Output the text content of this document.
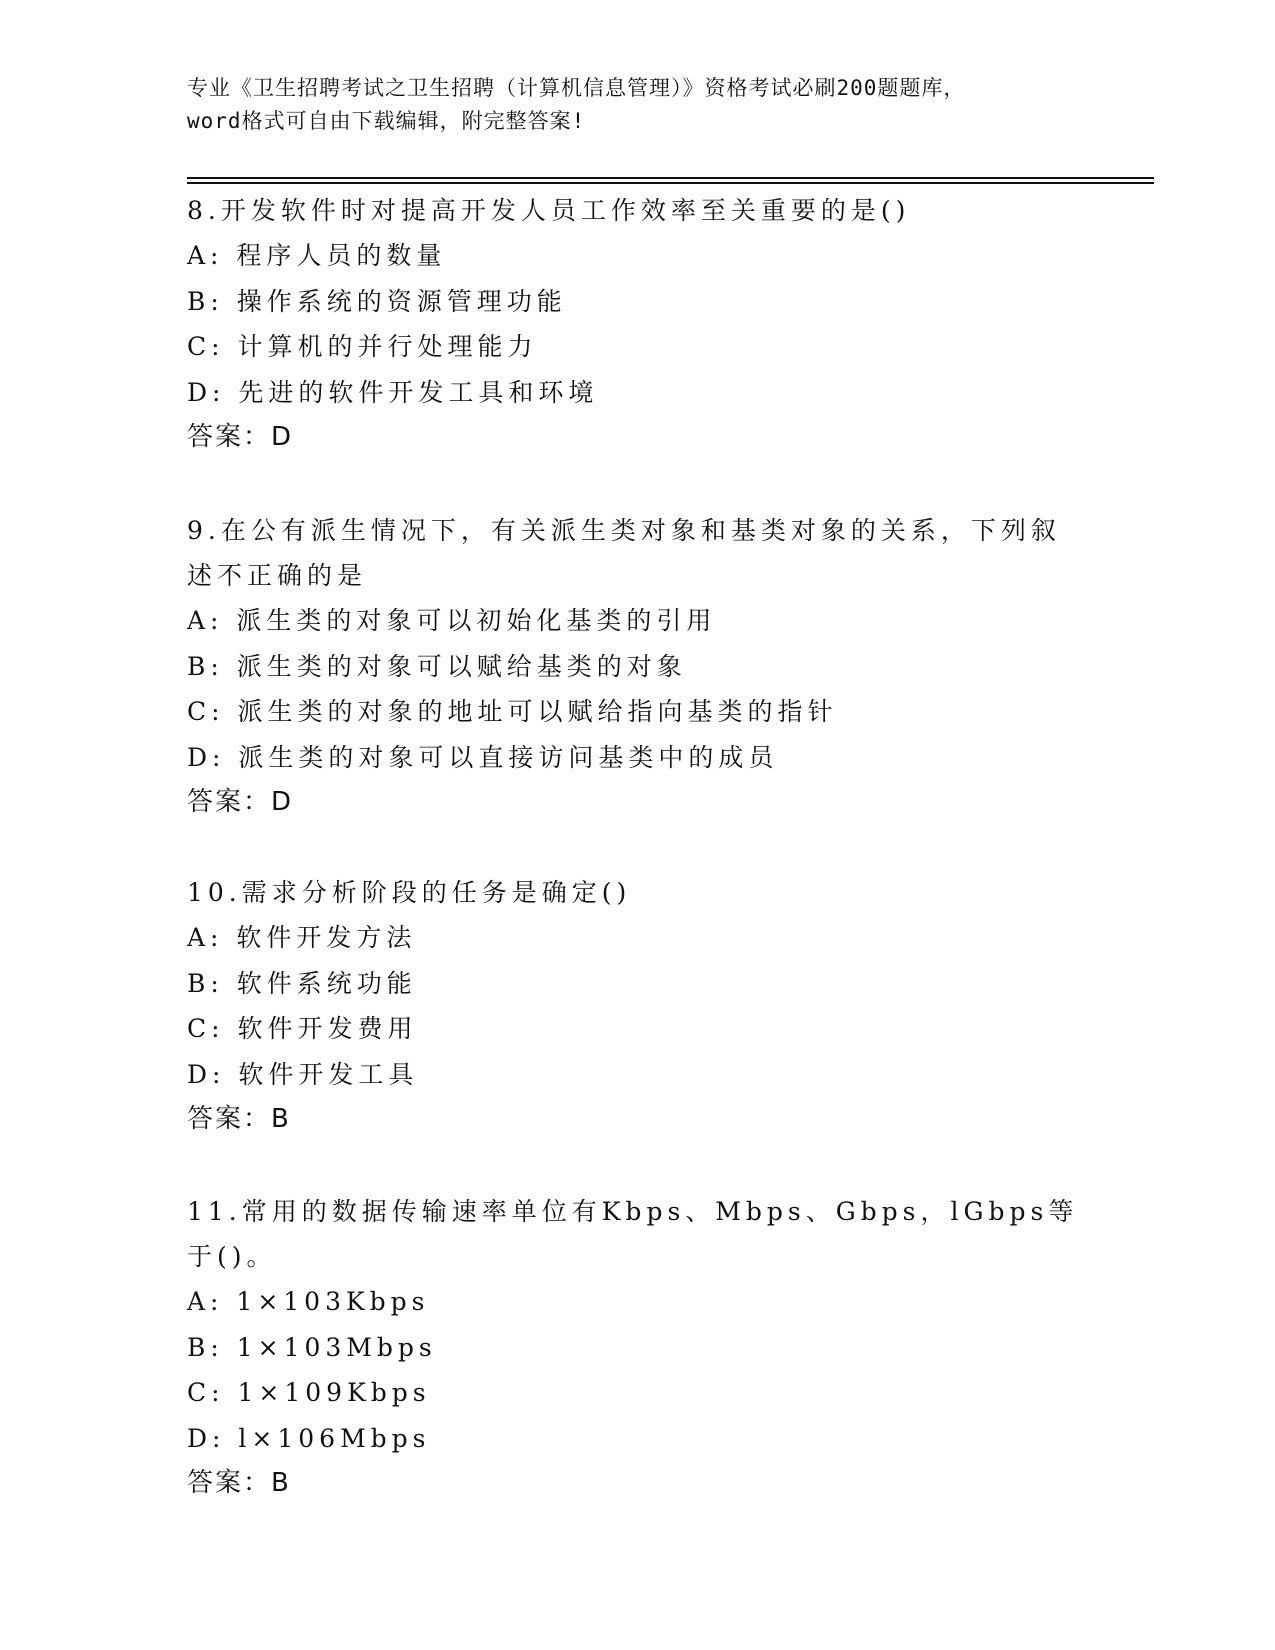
专业《卫生招聘考试之卫生招聘（计算机信息管理）》资格考试必刷200题题库，
word格式可自由下载编辑，附完整答案!
8.开发软件时对提高开发人员工作效率至关重要的是()
A: 程序人员的数量
B: 操作系统的资源管理功能
C: 计算机的并行处理能力
D: 先进的软件开发工具和环境
答案：D
9.在公有派生情况下，有关派生类对象和基类对象的关系，下列叙述不正确的是
A: 派生类的对象可以初始化基类的引用
B: 派生类的对象可以赋给基类的对象
C: 派生类的对象的地址可以赋给指向基类的指针
D: 派生类的对象可以直接访问基类中的成员
答案：D
10.需求分析阶段的任务是确定()
A: 软件开发方法
B: 软件系统功能
C: 软件开发费用
D: 软件开发工具
答案：B
11.常用的数据传输速率单位有Kbps、Mbps、Gbps，lGbps等于()。
A: 1×103Kbps
B: 1×103Mbps
C: 1×109Kbps
D: l×106Mbps
答案：B
